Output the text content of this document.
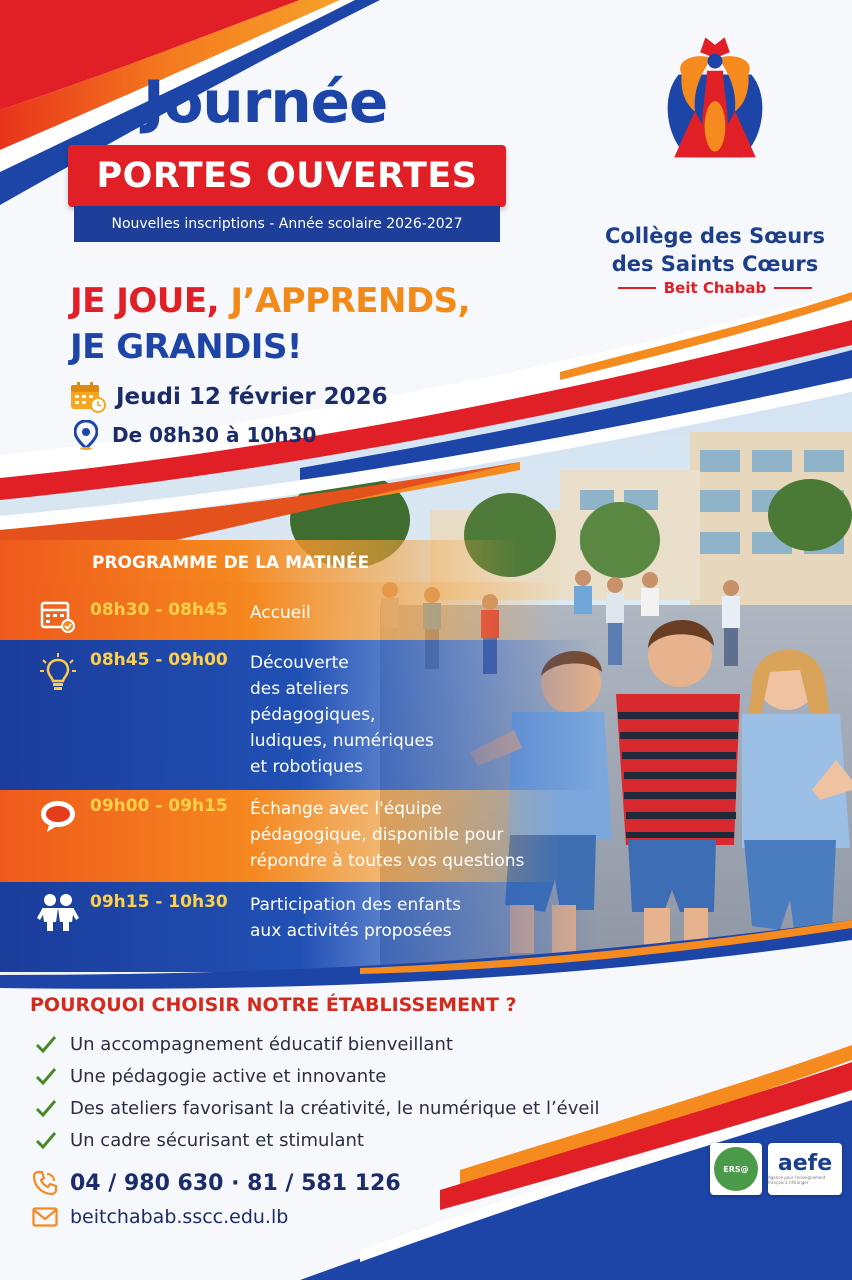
Journée
PORTES OUVERTES
Nouvelles inscriptions - Année scolaire 2026-2027
JE JOUE, J’APPRENDS,
JE GRANDIS!
Jeudi 12 février 2026
De 08h30 à 10h30
Collège des Sœurs
des Saints Cœurs
Beit Chabab
PROGRAMME DE LA MATINÉE
08h30 - 08h45	Accueil
08h45 - 09h00	Découverte
des ateliers
pédagogiques,
ludiques, numériques
et robotiques
09h00 - 09h15	Échange avec l'équipe
pédagogique, disponible pour
répondre à toutes vos questions
09h15 - 10h30	Participation des enfants
aux activités proposées
POURQUOI CHOISIR NOTRE ÉTABLISSEMENT ?
Un accompagnement éducatif bienveillant
Une pédagogie active et innovante
Des ateliers favorisant la créativité, le numérique et l’éveil
Un cadre sécurisant et stimulant
04 / 980 630 · 81 / 581 126
beitchabab.sscc.edu.lb
ERS@ aefe
Agence pour l'enseignement français à l'étranger
